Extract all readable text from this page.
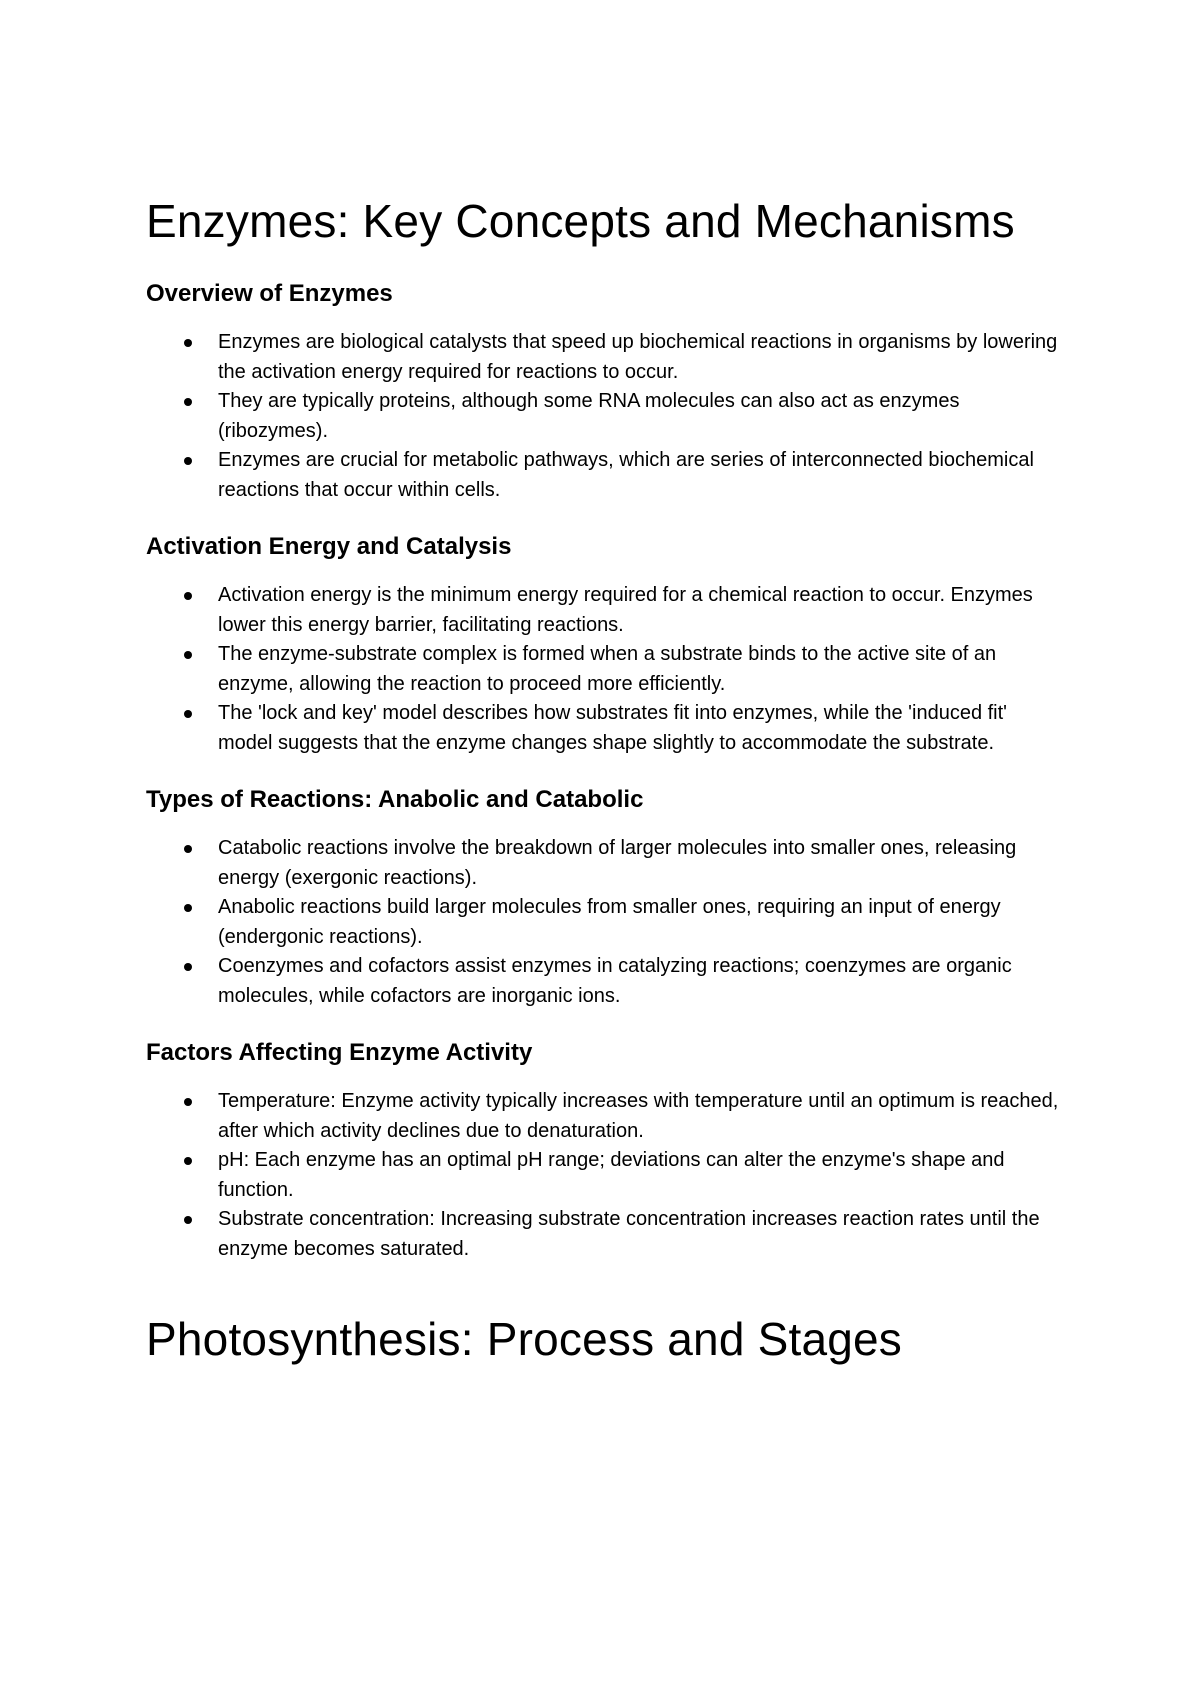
Enzymes: Key Concepts and Mechanisms
Overview of Enzymes
Enzymes are biological catalysts that speed up biochemical reactions in organisms by lowering the activation energy required for reactions to occur.
They are typically proteins, although some RNA molecules can also act as enzymes (ribozymes).
Enzymes are crucial for metabolic pathways, which are series of interconnected biochemical reactions that occur within cells.
Activation Energy and Catalysis
Activation energy is the minimum energy required for a chemical reaction to occur. Enzymes lower this energy barrier, facilitating reactions.
The enzyme-substrate complex is formed when a substrate binds to the active site of an enzyme, allowing the reaction to proceed more efficiently.
The 'lock and key' model describes how substrates fit into enzymes, while the 'induced fit' model suggests that the enzyme changes shape slightly to accommodate the substrate.
Types of Reactions: Anabolic and Catabolic
Catabolic reactions involve the breakdown of larger molecules into smaller ones, releasing energy (exergonic reactions).
Anabolic reactions build larger molecules from smaller ones, requiring an input of energy (endergonic reactions).
Coenzymes and cofactors assist enzymes in catalyzing reactions; coenzymes are organic molecules, while cofactors are inorganic ions.
Factors Affecting Enzyme Activity
Temperature: Enzyme activity typically increases with temperature until an optimum is reached, after which activity declines due to denaturation.
pH: Each enzyme has an optimal pH range; deviations can alter the enzyme's shape and function.
Substrate concentration: Increasing substrate concentration increases reaction rates until the enzyme becomes saturated.
Photosynthesis: Process and Stages
